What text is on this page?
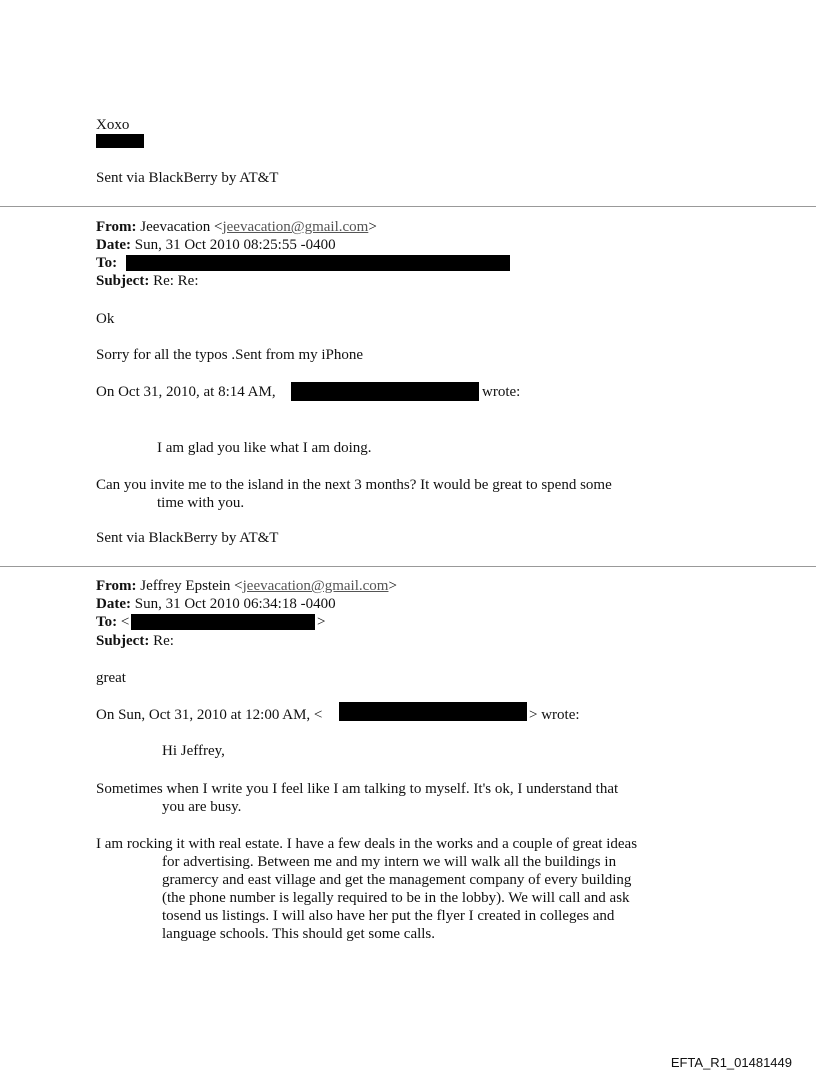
Xoxo
Sent via BlackBerry by AT&T
From: Jeevacation <jeevacation@gmail.com>
Date: Sun, 31 Oct 2010 08:25:55 -0400
To:
Subject: Re: Re:
Ok
Sorry for all the typos .Sent from my iPhone
On Oct 31, 2010, at 8:14 AM,	wrote:
I am glad you like what I am doing.
Can you invite me to the island in the next 3 months? It would be great to spend some
time with you.
Sent via BlackBerry by AT&T
From: Jeffrey Epstein <jeevacation@gmail.com>
Date: Sun, 31 Oct 2010 06:34:18 -0400
To: <	>
Subject: Re:
great
On Sun, Oct 31, 2010 at 12:00 AM, <	> wrote:
Hi Jeffrey,
Sometimes when I write you I feel like I am talking to myself. It's ok, I understand that
you are busy.
I am rocking it with real estate. I have a few deals in the works and a couple of great ideas
for advertising. Between me and my intern we will walk all the buildings in
gramercy and east village and get the management company of every building
(the phone number is legally required to be in the lobby). We will call and ask
tosend us listings. I will also have her put the flyer I created in colleges and
language schools. This should get some calls.
EFTA_R1_01481449
